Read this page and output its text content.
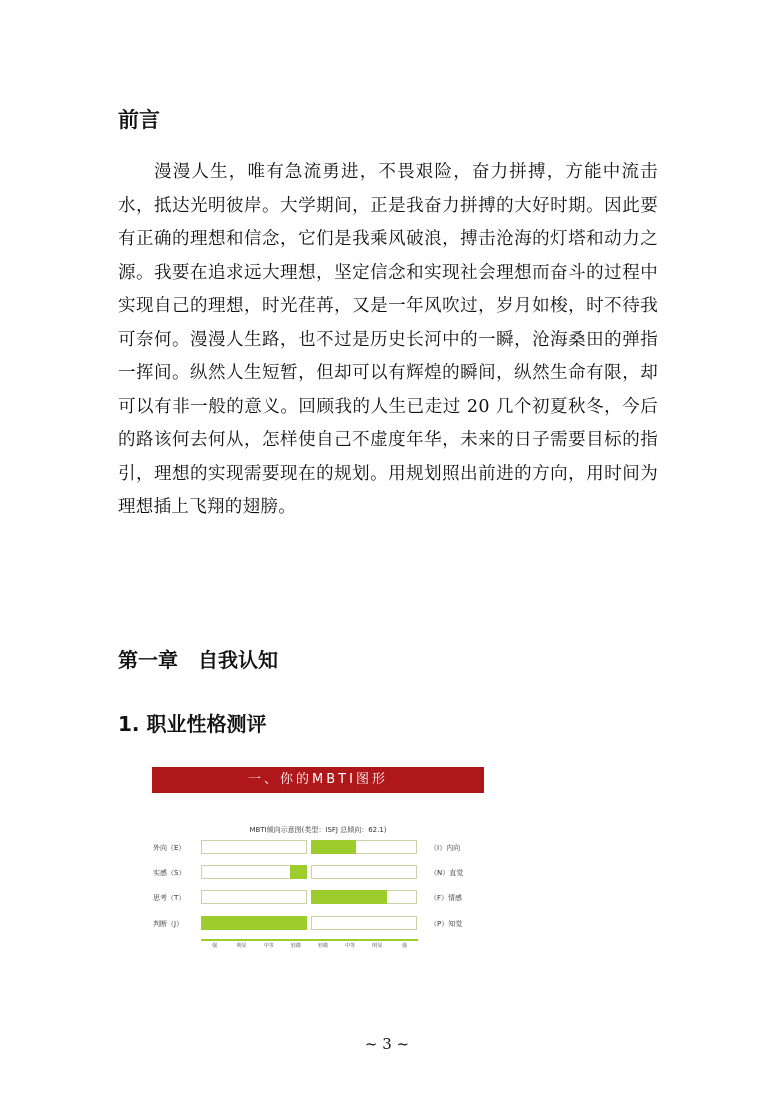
前言

漫漫人生，唯有急流勇进，不畏艰险，奋力拼搏，方能中流击水，抵达光明彼岸。大学期间，正是我奋力拼搏的大好时期。因此要有正确的理想和信念，它们是我乘风破浪，搏击沧海的灯塔和动力之源。我要在追求远大理想，坚定信念和实现社会理想而奋斗的过程中实现自己的理想，时光荏苒，又是一年风吹过，岁月如梭，时不待我可奈何。漫漫人生路，也不过是历史长河中的一瞬，沧海桑田的弹指一挥间。纵然人生短暂，但却可以有辉煌的瞬间，纵然生命有限，却可以有非一般的意义。回顾我的人生已走过 20 几个初夏秋冬，今后的路该何去何从，怎样使自己不虚度年华，未来的日子需要目标的指引，理想的实现需要现在的规划。用规划照出前进的方向，用时间为理想插上飞翔的翅膀。

第一章　自我认知
1. 职业性格测评
一、你的MBTI图形
MBTI倾向示意图(类型：ISFJ 总倾向：62.1)
强	明显	中等	轻微	轻微	中等	明显	强
外向（E）	（I）内向
实感（S）	（N）直觉
思考（T）	（F）情感
判断（J）	（P）知觉
~ 3 ~
